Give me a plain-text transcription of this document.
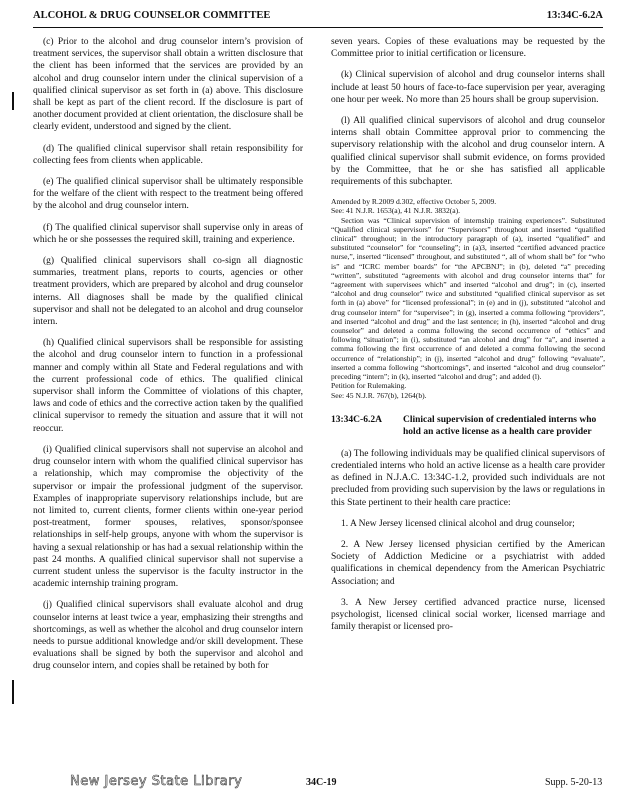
ALCOHOL & DRUG COUNSELOR COMMITTEE	13:34C-6.2A

(c) Prior to the alcohol and drug counselor intern’s provision of treatment services, the supervisor shall obtain a written disclosure that the client has been informed that the services are provided by an alcohol and drug counselor intern under the clinical supervision of a qualified clinical supervisor as set forth in (a) above. This disclosure shall be kept as part of the client record. If the disclosure is part of another document provided at client orientation, the disclosure shall be clearly evident, understood and signed by the client.

(d) The qualified clinical supervisor shall retain responsibility for collecting fees from clients when applicable.

(e) The qualified clinical supervisor shall be ultimately responsible for the welfare of the client with respect to the treatment being offered by the alcohol and drug counselor intern.

(f) The qualified clinical supervisor shall supervise only in areas of which he or she possesses the required skill, training and experience.

(g) Qualified clinical supervisors shall co-sign all diagnostic summaries, treatment plans, reports to courts, agencies or other treatment providers, which are prepared by alcohol and drug counselor interns. All diagnoses shall be made by the qualified clinical supervisor and shall not be delegated to an alcohol and drug counselor intern.

(h) Qualified clinical supervisors shall be responsible for assisting the alcohol and drug counselor intern to function in a professional manner and comply within all State and Federal regulations and with the current professional code of ethics. The qualified clinical supervisor shall inform the Committee of violations of this chapter, laws and code of ethics and the corrective action taken by the qualified clinical supervisor to remedy the situation and assure that it will not reoccur.

(i) Qualified clinical supervisors shall not supervise an alcohol and drug counselor intern with whom the qualified clinical supervisor has a relationship, which may compromise the objectivity of the supervisor or impair the professional judgment of the supervisor. Examples of inappropriate supervisory relationships include, but are not limited to, current clients, former clients within one-year period post-treatment, former spouses, relatives, sponsor/sponsee relationships in self-help groups, anyone with whom the supervisor is having a sexual relationship or has had a sexual relationship within the past 24 months. A qualified clinical supervisor shall not supervise a current student unless the supervisor is the faculty instructor in the academic internship training program.

(j) Qualified clinical supervisors shall evaluate alcohol and drug counselor interns at least twice a year, emphasizing their strengths and shortcomings, as well as whether the alcohol and drug counselor intern needs to pursue additional knowledge and/or skill development. These evaluations shall be signed by both the supervisor and alcohol and drug counselor intern, and copies shall be retained by both for

seven years. Copies of these evaluations may be requested by the Committee prior to initial certification or licensure.

(k) Clinical supervision of alcohol and drug counselor interns shall include at least 50 hours of face-to-face supervision per year, averaging one hour per week. No more than 25 hours shall be group supervision.

(l) All qualified clinical supervisors of alcohol and drug counselor interns shall obtain Committee approval prior to commencing the supervisory relationship with the alcohol and drug counselor intern. A qualified clinical supervisor shall submit evidence, on forms provided by the Committee, that he or she has satisfied all applicable requirements of this subchapter.

Amended by R.2009 d.302, effective October 5, 2009.
See: 41 N.J.R. 1653(a), 41 N.J.R. 3832(a).
Section was “Clinical supervision of internship training experiences”. Substituted “Qualified clinical supervisors” for “Supervisors” throughout and inserted “qualified clinical” throughout; in the introductory paragraph of (a), inserted “qualified” and substituted “counselor” for “counseling”; in (a)3, inserted “certified advanced practice nurse,”, inserted “licensed” throughout, and substituted “, all of whom shall be” for “who is” and “ICRC member boards” for “the APCBNJ”; in (b), deleted “a” preceding “written”, substituted “agreements with alcohol and drug counselor interns that” for “agreement with supervisees which” and inserted “alcohol and drug”; in (c), inserted “alcohol and drug counselor” twice and substituted “qualified clinical supervisor as set forth in (a) above” for “licensed professional”; in (e) and in (j), substituted “alcohol and drug counselor intern” for “supervisee”; in (g), inserted a comma following “providers”, and inserted “alcohol and drug” and the last sentence; in (h), inserted “alcohol and drug counselor” and deleted a comma following the second occurrence of “ethics” and following “situation”; in (i), substituted “an alcohol and drug” for “a”, and inserted a comma following the first occurrence of and deleted a comma following the second occurrence of “relationship”; in (j), inserted “alcohol and drug” following “evaluate”, inserted a comma following “shortcomings”, and inserted “alcohol and drug counselor” preceding “intern”; in (k), inserted “alcohol and drug”; and added (l).
Petition for Rulemaking.
See: 45 N.J.R. 767(b), 1264(b).
13:34C-6.2A	Clinical supervision of credentialed interns who hold an active license as a health care provider

(a) The following individuals may be qualified clinical supervisors of credentialed interns who hold an active license as a health care provider as defined in N.J.A.C. 13:34C-1.2, provided such individuals are not precluded from providing such supervision by the laws or regulations in this State pertinent to their health care practice:

1. A New Jersey licensed clinical alcohol and drug counselor;

2. A New Jersey licensed physician certified by the American Society of Addiction Medicine or a psychiatrist with added qualifications in chemical dependency from the American Psychiatric Association; and

3. A New Jersey certified advanced practice nurse, licensed psychologist, licensed clinical social worker, licensed marriage and family therapist or licensed pro-

New Jersey State Library	34C-19	Supp. 5-20-13
